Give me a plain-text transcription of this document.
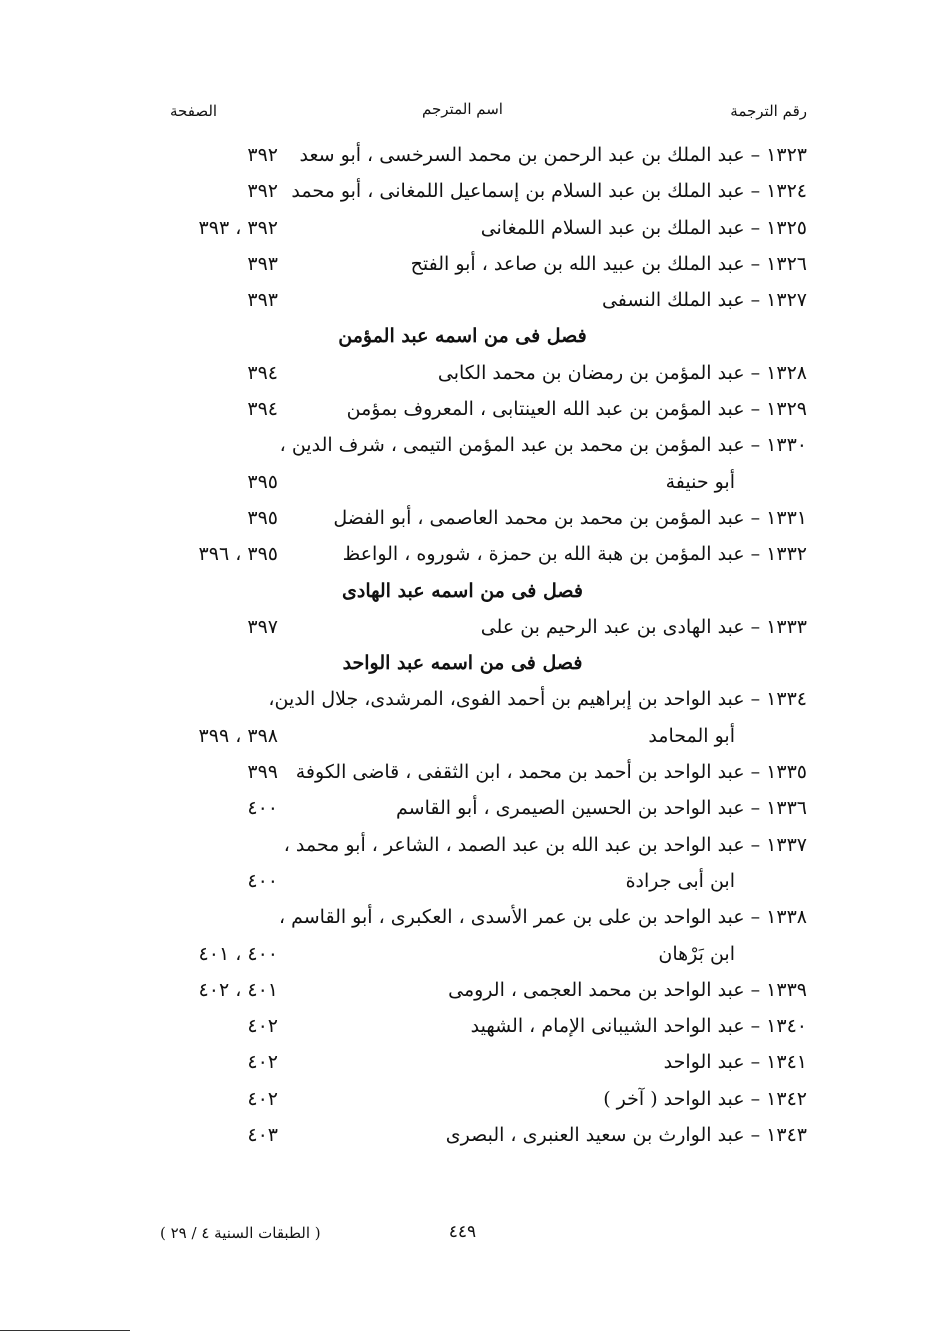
رقم الترجمة
اسم المترجم
الصفحة
١٣٢٣– عبد الملك بن عبد الرحمن بن محمد السرخسى ، أبو سعد
٣٩٢
١٣٢٤– عبد الملك بن عبد السلام بن إسماعيل اللمغانى ، أبو محمد
٣٩٢
١٣٢٥– عبد الملك بن عبد السلام اللمغانى
٣٩٢ ، ٣٩٣
١٣٢٦– عبد الملك بن عبيد الله بن صاعد ، أبو الفتح
٣٩٣
١٣٢٧– عبد الملك النسفى
٣٩٣
فصل فى من اسمه عبد المؤمن
١٣٢٨– عبد المؤمن بن رمضان بن محمد الكابى
٣٩٤
١٣٢٩– عبد المؤمن بن عبد الله العينتابى ، المعروف بمؤمن
٣٩٤
١٣٣٠– عبد المؤمن بن محمد بن عبد المؤمن التيمى ، شرف الدين ،
أبو حنيفة
٣٩٥
١٣٣١– عبد المؤمن بن محمد بن محمد العاصمى ، أبو الفضل
٣٩٥
١٣٣٢– عبد المؤمن بن هبة الله بن حمزة ، شوروه ، الواعظ
٣٩٥ ، ٣٩٦
فصل فى من اسمه عبد الهادى
١٣٣٣– عبد الهادى بن عبد الرحيم بن على
٣٩٧
فصل فى من اسمه عبد الواحد
١٣٣٤– عبد الواحد بن إبراهيم بن أحمد الفوى، المرشدى، جلال الدين،
أبو المحامد
٣٩٨ ، ٣٩٩
١٣٣٥– عبد الواحد بن أحمد بن محمد ، ابن الثقفى ، قاضى الكوفة
٣٩٩
١٣٣٦– عبد الواحد بن الحسين الصيمرى ، أبو القاسم
٤٠٠
١٣٣٧– عبد الواحد بن عبد الله بن عبد الصمد ، الشاعر ، أبو محمد ،
ابن أبى جرادة
٤٠٠
١٣٣٨– عبد الواحد بن على بن عمر الأسدى ، العكبرى ، أبو القاسم ،
ابن بَرْهان
٤٠٠ ، ٤٠١
١٣٣٩– عبد الواحد بن محمد العجمى ، الرومى
٤٠١ ، ٤٠٢
١٣٤٠– عبد الواحد الشيبانى الإمام ، الشهيد
٤٠٢
١٣٤١– عبد الواحد
٤٠٢
١٣٤٢– عبد الواحد ( آخر )
٤٠٢
١٣٤٣– عبد الوارث بن سعيد العنبرى ، البصرى
٤٠٣
٤٤٩
( الطبقات السنية ٤ / ٢٩ )
